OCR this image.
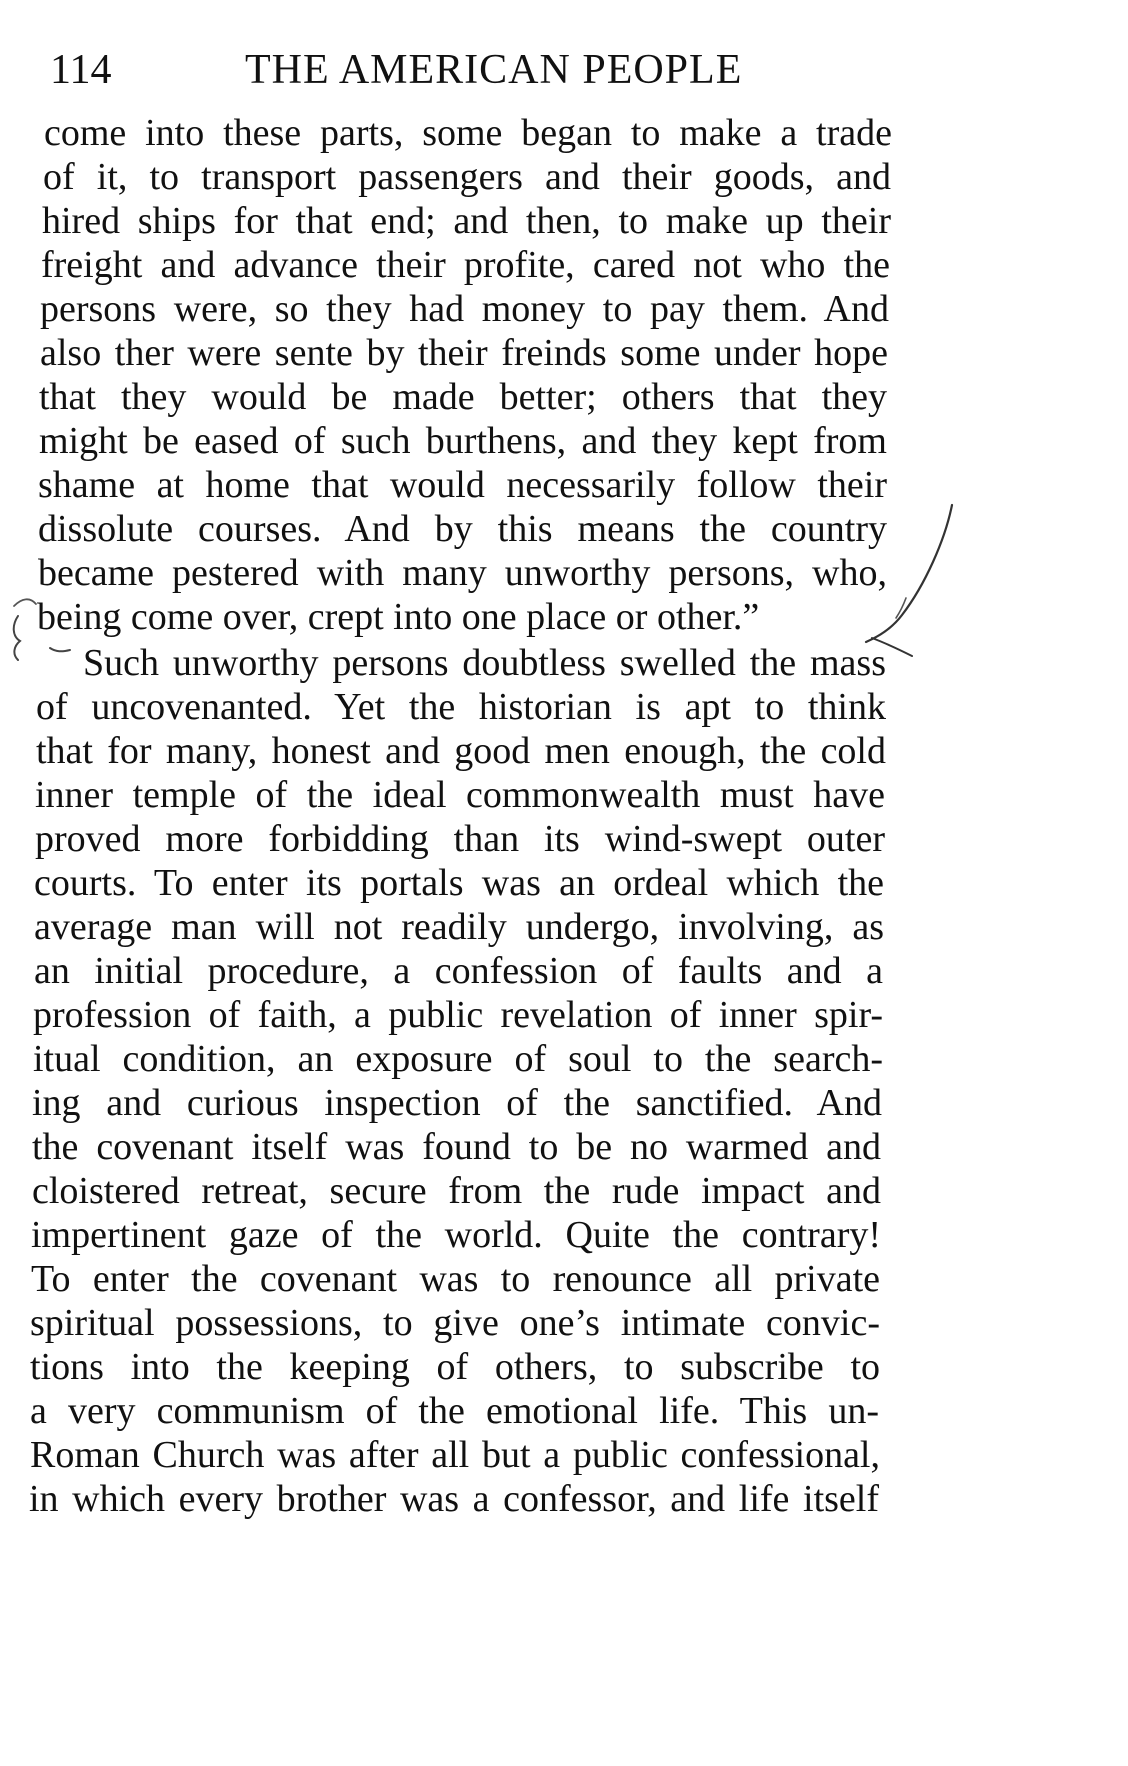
114	THE AMERICAN PEOPLE
come into these parts, some began to make a trade
of it, to transport passengers and their goods, and
hired ships for that end; and then, to make up their
freight and advance their profite, cared not who the
persons were, so they had money to pay them. And
also ther were sente by their freinds some under hope
that they would be made better; others that they
might be eased of such burthens, and they kept from
shame at home that would necessarily follow their
dissolute courses. And by this means the country
became pestered with many unworthy persons, who,
being come over, crept into one place or other.”
Such unworthy persons doubtless swelled the mass
of uncovenanted. Yet the historian is apt to think
that for many, honest and good men enough, the cold
inner temple of the ideal commonwealth must have
proved more forbidding than its wind-swept outer
courts. To enter its portals was an ordeal which the
average man will not readily undergo, involving, as
an initial procedure, a confession of faults and a
profession of faith, a public revelation of inner spir-
itual condition, an exposure of soul to the search-
ing and curious inspection of the sanctified. And
the covenant itself was found to be no warmed and
cloistered retreat, secure from the rude impact and
impertinent gaze of the world. Quite the contrary!
To enter the covenant was to renounce all private
spiritual possessions, to give one’s intimate convic-
tions into the keeping of others, to subscribe to
a very communism of the emotional life. This un-
Roman Church was after all but a public confessional,
in which every brother was a confessor, and life itself
